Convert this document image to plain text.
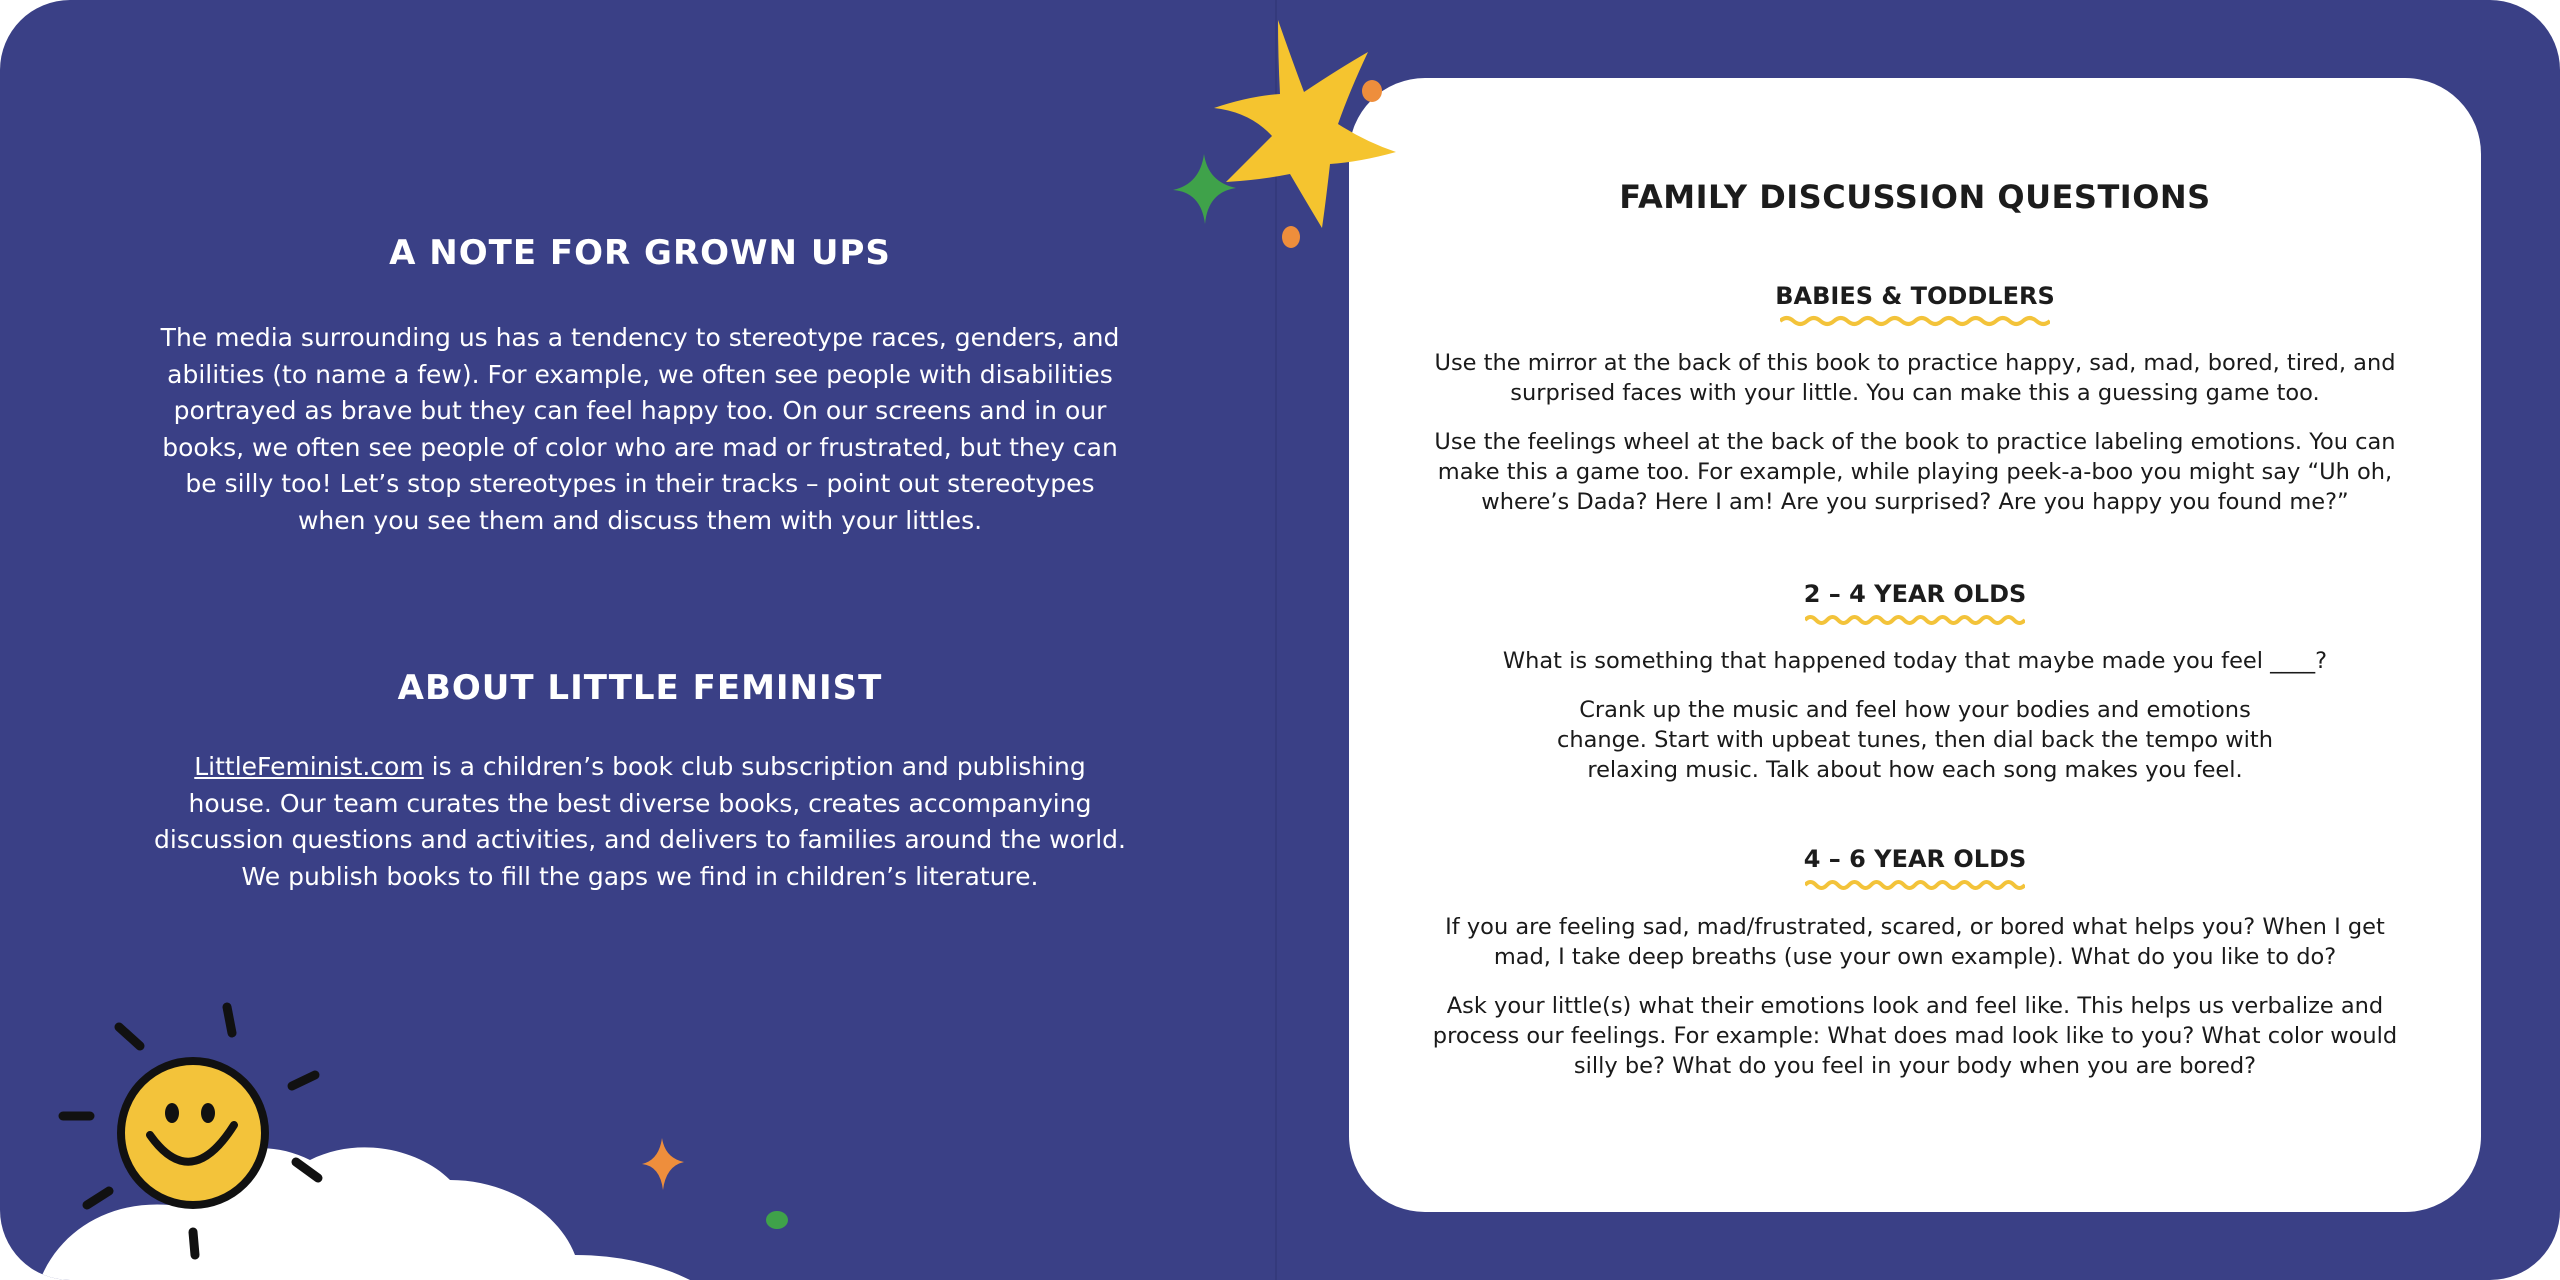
A NOTE FOR GROWN UPS

The media surrounding us has a tendency to stereotype races, genders, and abilities (to name a few). For example, we often see people with disabilities portrayed as brave but they can feel happy too. On our screens and in our books, we often see people of color who are mad or frustrated, but they can be silly too! Let’s stop stereotypes in their tracks – point out stereotypes when you see them and discuss them with your littles.

ABOUT LITTLE FEMINIST

LittleFeminist.com is a children’s book club subscription and publishing house. Our team curates the best diverse books, creates accompanying discussion questions and activities, and delivers to families around the world. We publish books to fill the gaps we find in children’s literature.

FAMILY DISCUSSION QUESTIONS
BABIES & TODDLERS

Use the mirror at the back of this book to practice happy, sad, mad, bored, tired, and surprised faces with your little. You can make this a guessing game too.

Use the feelings wheel at the back of the book to practice labeling emotions. You can make this a game too. For example, while playing peek-a-boo you might say “Uh oh, where’s Dada? Here I am! Are you surprised? Are you happy you found me?”

2 – 4 YEAR OLDS

What is something that happened today that maybe made you feel ____?

Crank up the music and feel how your bodies and emotions change. Start with upbeat tunes, then dial back the tempo with relaxing music. Talk about how each song makes you feel.

4 – 6 YEAR OLDS

If you are feeling sad, mad/frustrated, scared, or bored what helps you? When I get mad, I take deep breaths (use your own example). What do you like to do?

Ask your little(s) what their emotions look and feel like. This helps us verbalize and process our feelings. For example: What does mad look like to you? What color would silly be? What do you feel in your body when you are bored?
